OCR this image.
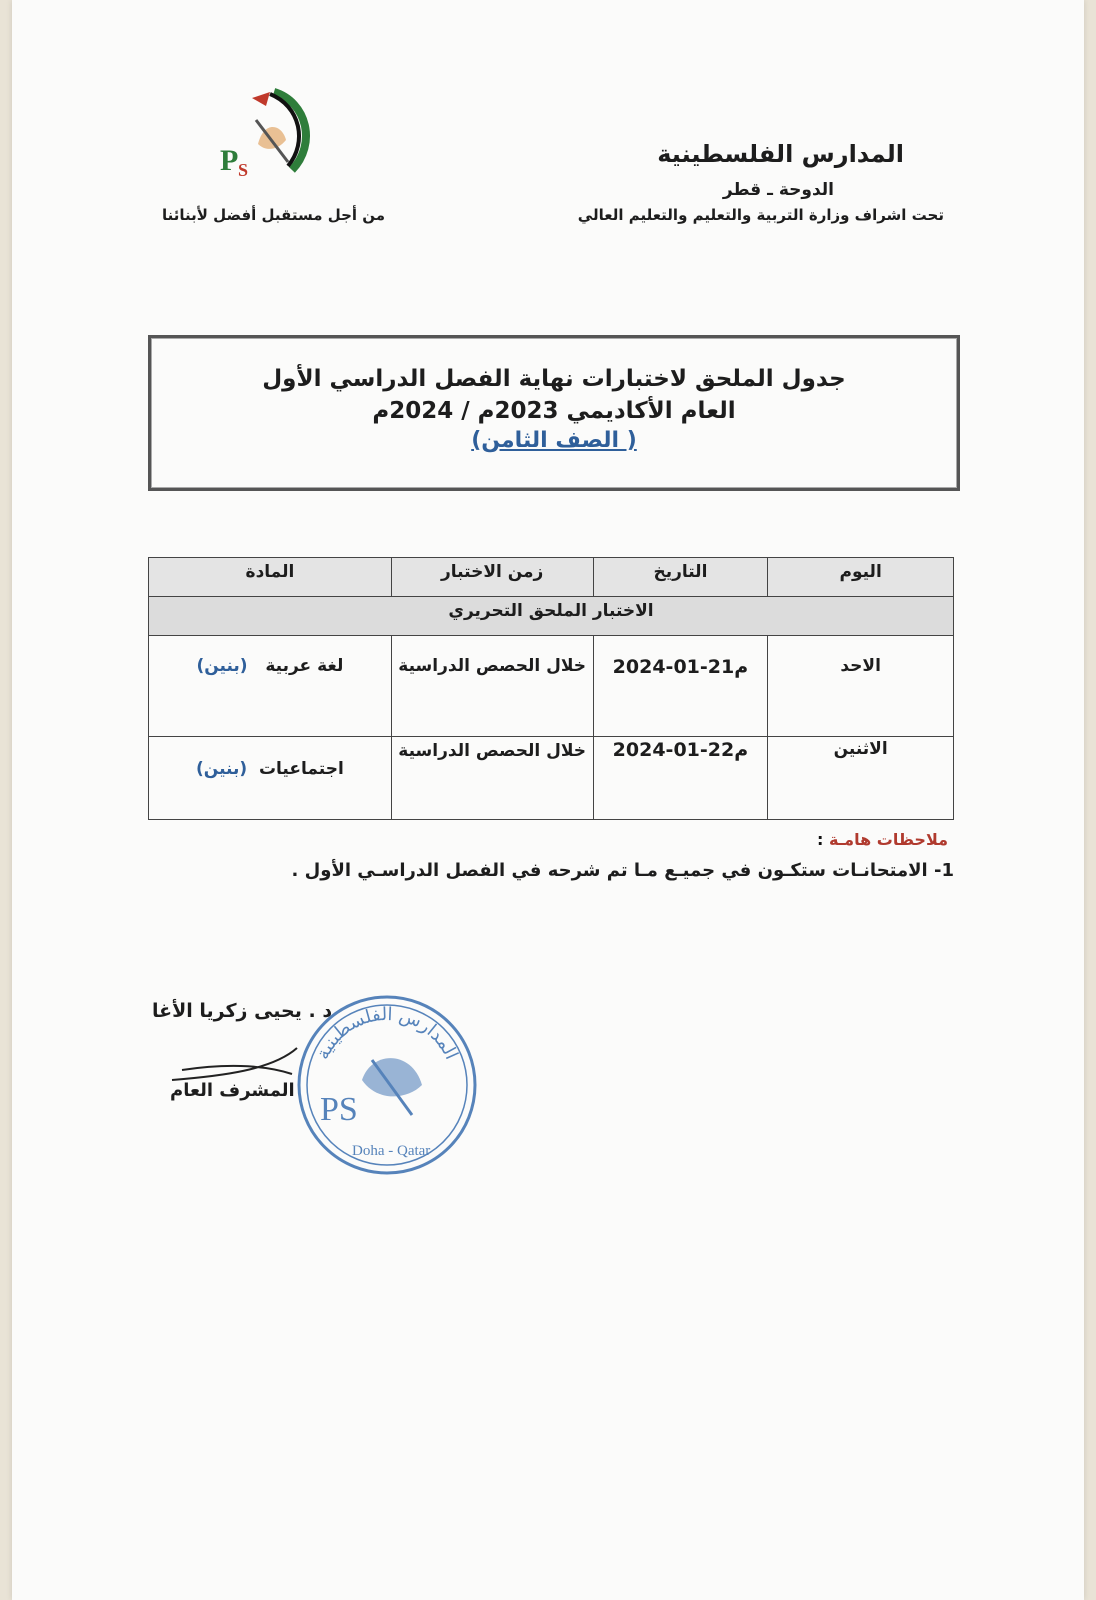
المدارس الفلسطينية
الدوحة ـ قطر
تحت اشراف وزارة التربية والتعليم والتعليم العالي
من أجل مستقبل أفضل لأبنائنا
P S
جدول الملحق لاختبارات نهاية الفصل الدراسي الأول
العام الأكاديمي 2023م / 2024م
( الصف الثامن)
اليوم	التاريخ	زمن الاختبار	المادة
الاختبار الملحق التحريري			
الاحد	2024-01-21م	خلال الحصص الدراسية	لغة عربية   (بنين)
الاثنين	2024-01-22م	خلال الحصص الدراسية	اجتماعيات  (بنين)
ملاحظات هامـة :
1- الامتحانـات ستكـون في جميـع مـا تم شرحه في الفصل الدراسـي الأول .
د . يحيى زكريا الأغا
المشرف العام
المدارس الفلسطينية
PS
Doha - Qatar
